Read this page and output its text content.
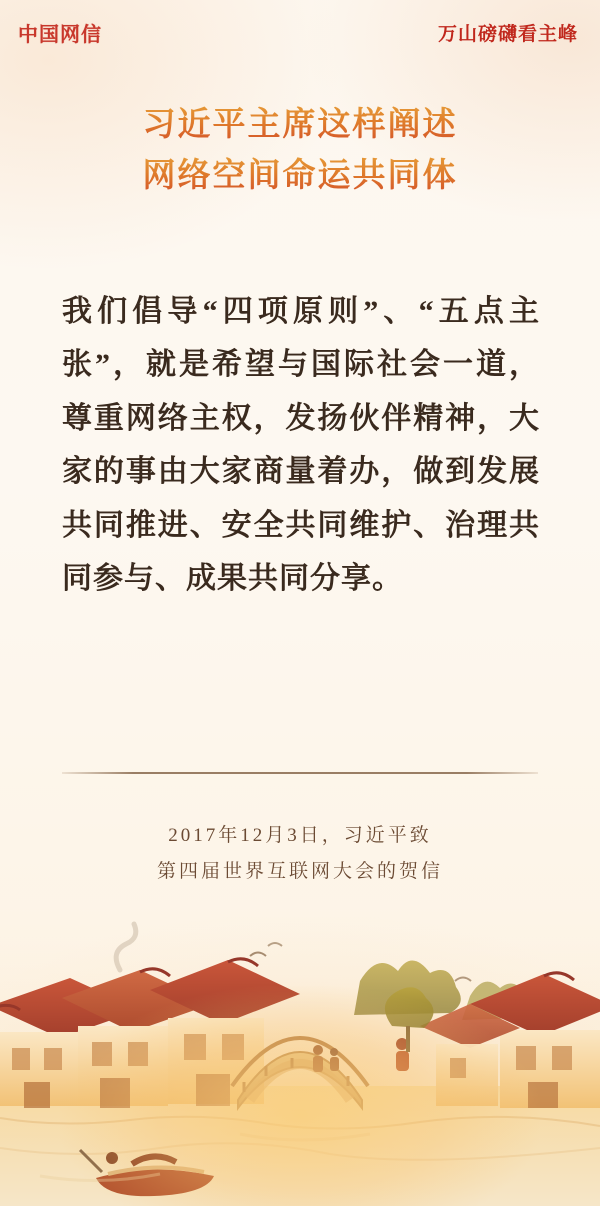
中国网信	万山磅礴看主峰
习近平主席这样阐述
网络空间命运共同体
我们倡导“四项原则”、“五点主张”，就是希望与国际社会一道，尊重网络主权，发扬伙伴精神，大家的事由大家商量着办，做到发展共同推进、安全共同维护、治理共同参与、成果共同分享。
2017年12月3日，习近平致
第四届世界互联网大会的贺信
